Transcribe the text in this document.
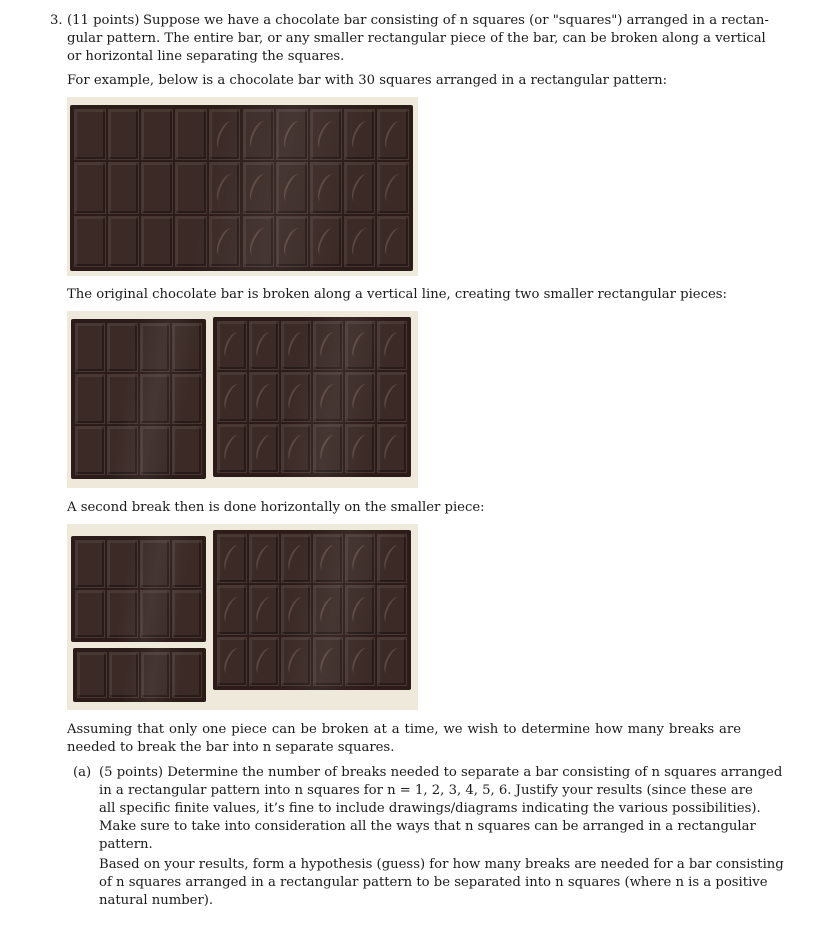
3. (11 points) Suppose we have a chocolate bar consisting of n squares (or "squares") arranged in a rectan-
gular pattern. The entire bar, or any smaller rectangular piece of the bar, can be broken along a vertical
or horizontal line separating the squares.
For example, below is a chocolate bar with 30 squares arranged in a rectangular pattern:
The original chocolate bar is broken along a vertical line, creating two smaller rectangular pieces:
A second break then is done horizontally on the smaller piece:
Assuming that only one piece can be broken at a time, we wish to determine how many breaks are
needed to break the bar into n separate squares.
(a) (5 points) Determine the number of breaks needed to separate a bar consisting of n squares arranged
in a rectangular pattern into n squares for n = 1, 2, 3, 4, 5, 6. Justify your results (since these are
all specific finite values, it’s fine to include drawings/diagrams indicating the various possibilities).
Make sure to take into consideration all the ways that n squares can be arranged in a rectangular
pattern.
Based on your results, form a hypothesis (guess) for how many breaks are needed for a bar consisting
of n squares arranged in a rectangular pattern to be separated into n squares (where n is a positive
natural number).
